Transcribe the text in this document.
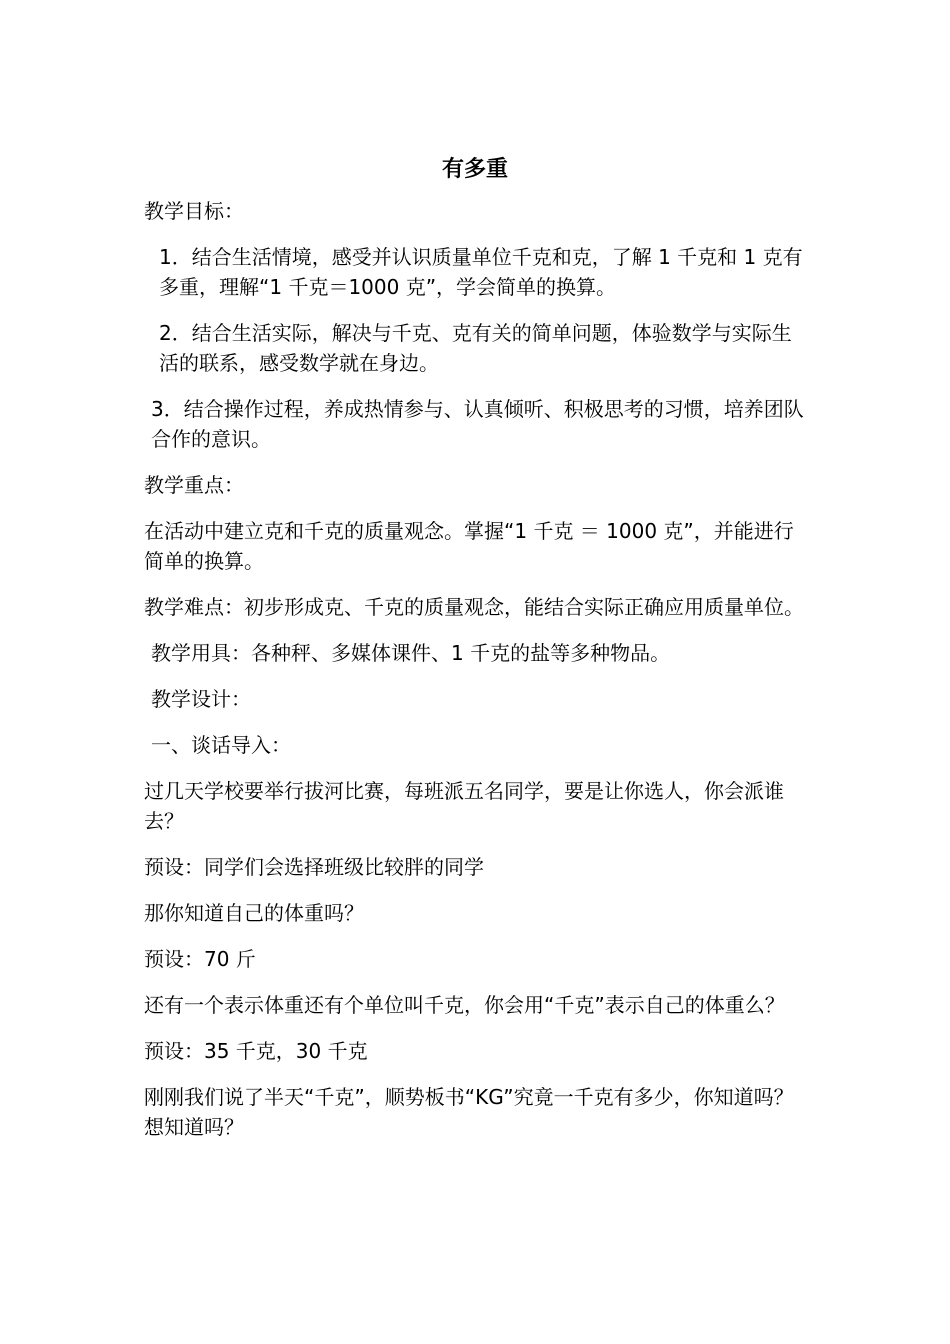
有多重

教学目标：

1．结合生活情境，感受并认识质量单位千克和克，了解 1 千克和 1 克有多重，理解“1 千克＝1000 克”，学会简单的换算。

2．结合生活实际，解决与千克、克有关的简单问题，体验数学与实际生活的联系，感受数学就在身边。

3．结合操作过程，养成热情参与、认真倾听、积极思考的习惯，培养团队合作的意识。

教学重点：

在活动中建立克和千克的质量观念。掌握“1 千克 ＝ 1000 克”，并能进行简单的换算。

教学难点：初步形成克、千克的质量观念，能结合实际正确应用质量单位。

教学用具：各种秤、多媒体课件、1 千克的盐等多种物品。

教学设计：

一、谈话导入：

过几天学校要举行拔河比赛，每班派五名同学，要是让你选人，你会派谁去？

预设：同学们会选择班级比较胖的同学

那你知道自己的体重吗？

预设：70 斤

还有一个表示体重还有个单位叫千克，你会用“千克”表示自己的体重么？

预设：35 千克，30 千克

刚刚我们说了半天“千克”，顺势板书“KG”究竟一千克有多少，你知道吗？想知道吗？
